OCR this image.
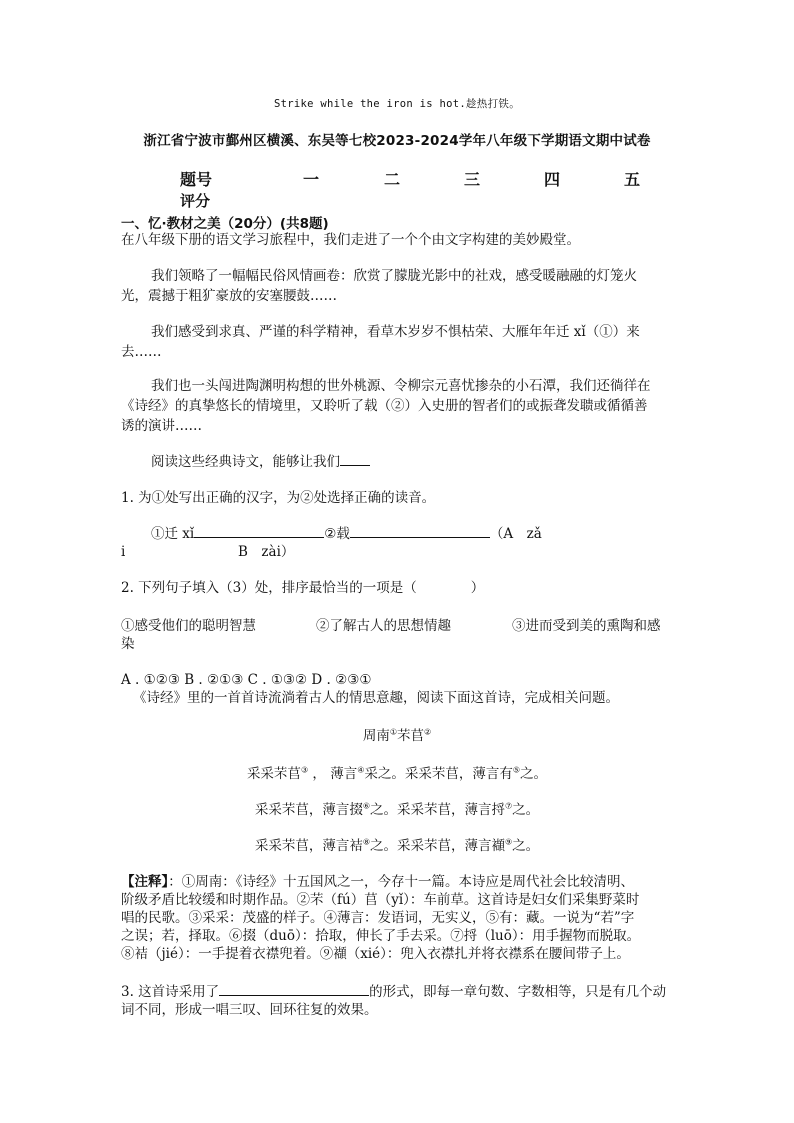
Strike while the iron is hot.趁热打铁。
浙江省宁波市鄞州区横溪、东吴等七校2023-2024学年八年级下学期语文期中试卷
题号	一	二	三	四	五
评分
一、忆·教材之美（20分）(共8题)
在八年级下册的语文学习旅程中，我们走进了一个个由文字构建的美妙殿堂。
我们领略了一幅幅民俗风情画卷：欣赏了朦胧光影中的社戏，感受暖融融的灯笼火
光，震撼于粗犷豪放的安塞腰鼓……
我们感受到求真、严谨的科学精神，看草木岁岁不惧枯荣、大雁年年迁 xǐ（①）来
去……
我们也一头闯进陶渊明构想的世外桃源、令柳宗元喜忧掺杂的小石潭，我们还徜徉在
《诗经》的真挚悠长的情境里，又聆听了载（②）入史册的智者们的或振聋发聩或循循善
诱的演讲……
阅读这些经典诗文，能够让我们
1. 为①处写出正确的汉字，为②处选择正确的读音。
①迁 xǐ	②载	（A　zǎ
i	B　zài）
2. 下列句子填入（3）处，排序最恰当的一项是（　　　　）
①感受他们的聪明智慧	②了解古人的思想情趣	③进而受到美的熏陶和感
染
A . ①②③ B . ②①③ C . ①③② D . ②③①
《诗经》里的一首首诗流淌着古人的情思意趣，阅读下面这首诗，完成相关问题。
周南①芣苢②
采采芣苢③ ， 薄言④采之。采采芣苢，薄言有⑤之。
采采芣苢，薄言掇⑥之。采采芣苢，薄言捋⑦之。
采采芣苢，薄言袺⑧之。采采芣苢，薄言襭⑨之。
【注释】：①周南：《诗经》十五国风之一，今存十一篇。本诗应是周代社会比较清明、
阶级矛盾比较缓和时期作品。②芣（fú）苢（yǐ）：车前草。这首诗是妇女们采集野菜时
唱的民歌。③采采：茂盛的样子。④薄言：发语词，无实义，⑤有：藏。一说为“若”字
之误；若，择取。⑥掇（duō）：拾取，伸长了手去采。⑦捋（luō）：用手握物而脱取。
⑧袺（jié）：一手提着衣襟兜着。⑨襭（xié）：兜入衣襟扎并将衣襟系在腰间带子上。
3. 这首诗采用了	的形式，即每一章句数、字数相等，只是有几个动
词不同，形成一唱三叹、回环往复的效果。
